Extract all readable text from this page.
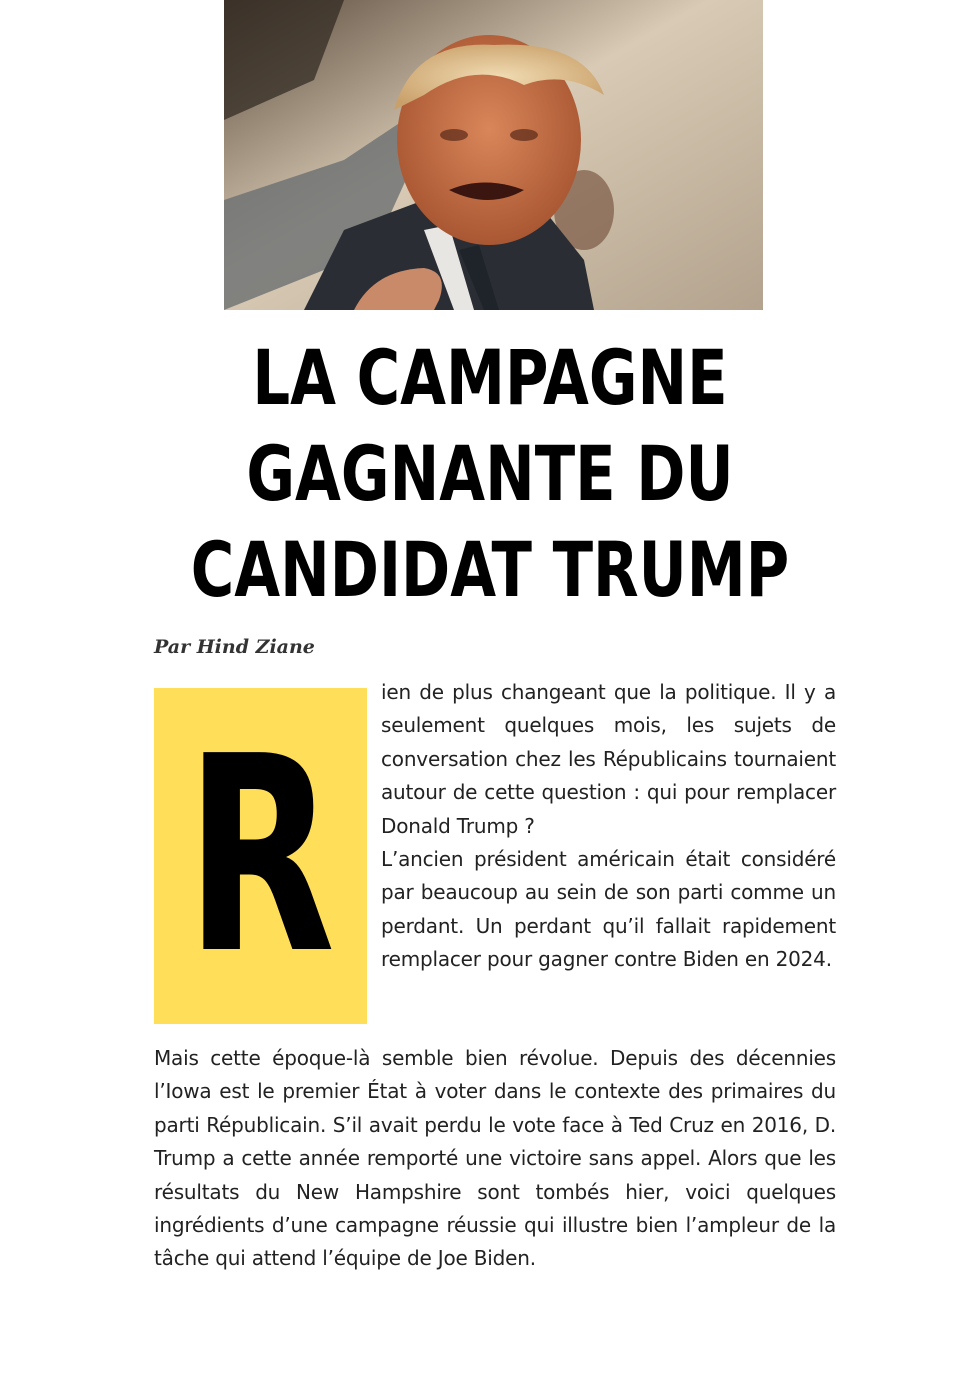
LA CAMPAGNE
GAGNANTE DU
CANDIDAT TRUMP
Par Hind Ziane
R

ien de plus changeant que la politique. Il y a seulement quelques mois, les sujets de conversation chez les Républicains tournaient autour de cette question : qui pour remplacer Donald Trump ?

L’ancien président américain était considéré par beaucoup au sein de son parti comme un perdant. Un perdant qu’il fallait rapidement remplacer pour gagner contre Biden en 2024.

Mais cette époque-là semble bien révolue. Depuis des décennies l’Iowa est le premier État à voter dans le contexte des primaires du parti Républicain. S’il avait perdu le vote face à Ted Cruz en 2016, D. Trump a cette année remporté une victoire sans appel. Alors que les résultats du New Hampshire sont tombés hier, voici quelques ingrédients d’une campagne réussie qui illustre bien l’ampleur de la tâche qui attend l’équipe de Joe Biden.
